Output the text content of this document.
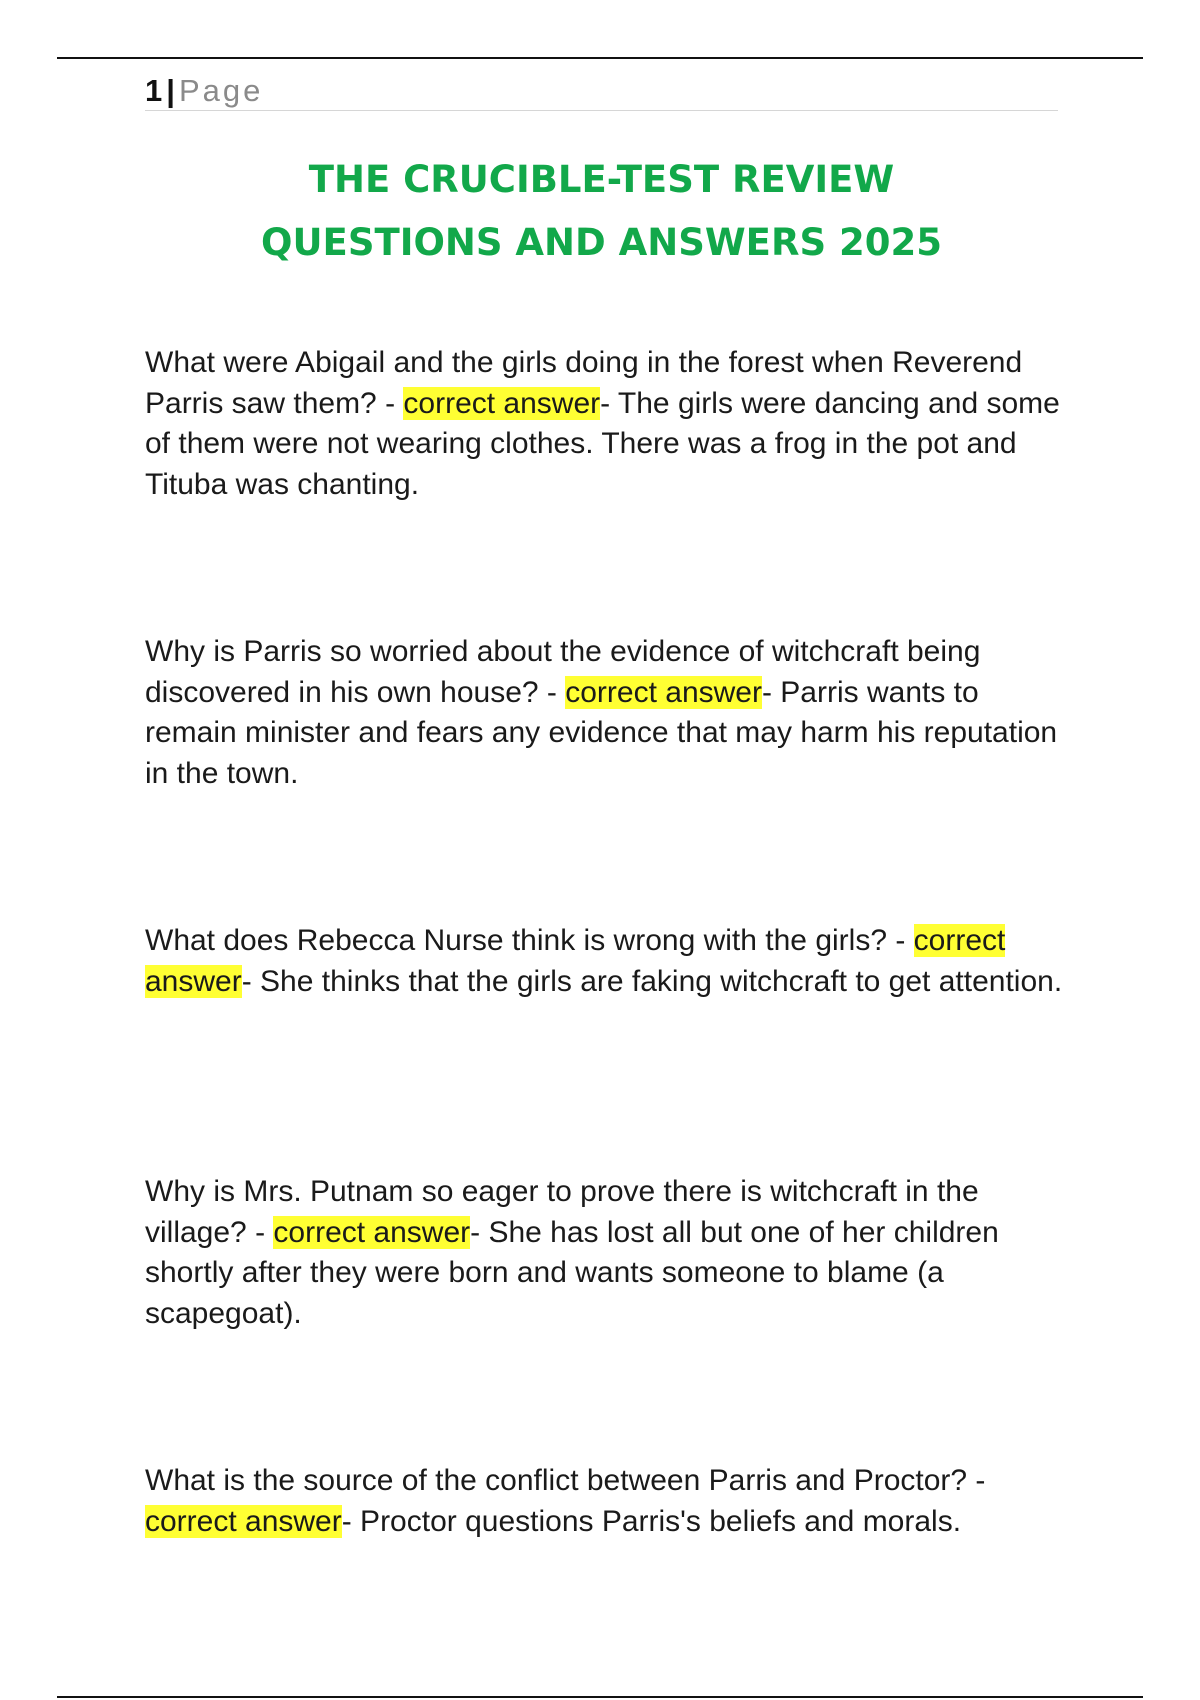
1 | Page
THE CRUCIBLE-TEST REVIEW
QUESTIONS AND ANSWERS 2025
What were Abigail and the girls doing in the forest when Reverend Parris saw them? - correct answer- The girls were dancing and some of them were not wearing clothes. There was a frog in the pot and Tituba was chanting.
Why is Parris so worried about the evidence of witchcraft being discovered in his own house? - correct answer- Parris wants to remain minister and fears any evidence that may harm his reputation in the town.
What does Rebecca Nurse think is wrong with the girls? - correct answer- She thinks that the girls are faking witchcraft to get attention.
Why is Mrs. Putnam so eager to prove there is witchcraft in the village? - correct answer- She has lost all but one of her children shortly after they were born and wants someone to blame (a scapegoat).
What is the source of the conflict between Parris and Proctor? - correct answer- Proctor questions Parris's beliefs and morals.
